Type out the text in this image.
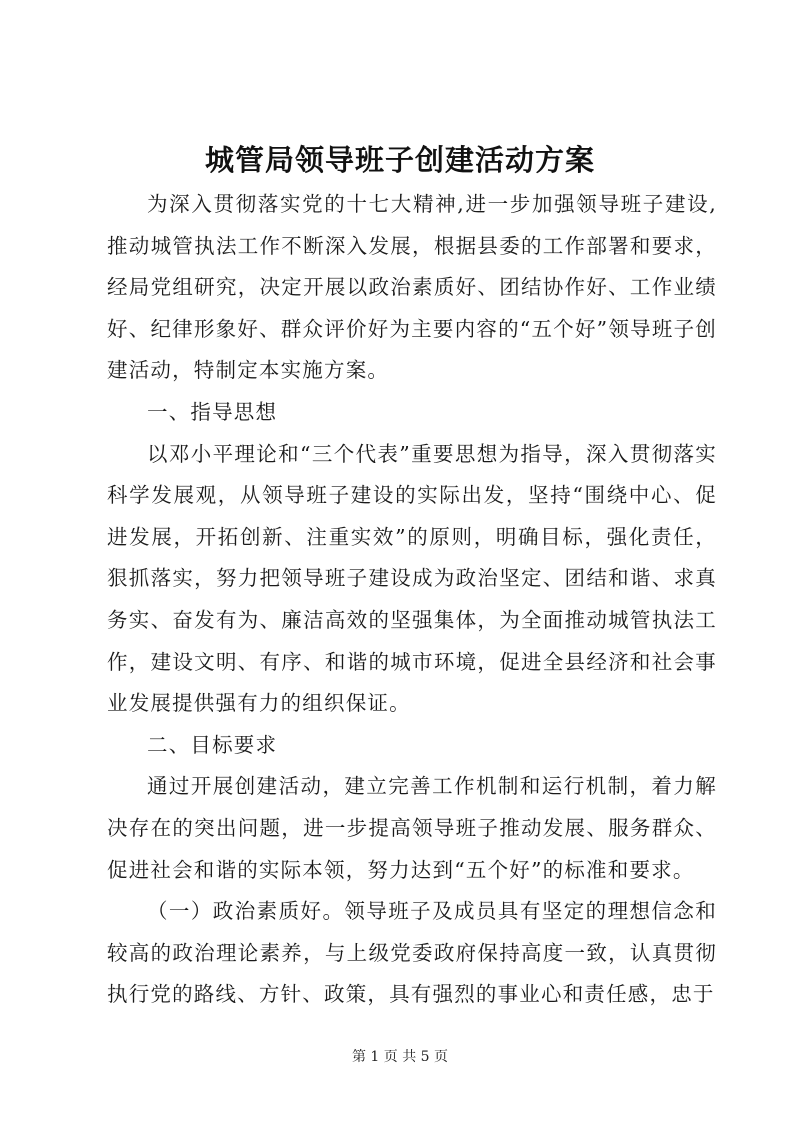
城管局领导班子创建活动方案

为深入贯彻落实党的十七大精神,进一步加强领导班子建设,推动城管执法工作不断深入发展，根据县委的工作部署和要求，经局党组研究，决定开展以政治素质好、团结协作好、工作业绩好、纪律形象好、群众评价好为主要内容的“五个好”领导班子创建活动，特制定本实施方案。

一、指导思想

以邓小平理论和“三个代表”重要思想为指导，深入贯彻落实科学发展观，从领导班子建设的实际出发，坚持“围绕中心、促进发展，开拓创新、注重实效”的原则，明确目标，强化责任，狠抓落实，努力把领导班子建设成为政治坚定、团结和谐、求真务实、奋发有为、廉洁高效的坚强集体，为全面推动城管执法工作，建设文明、有序、和谐的城市环境，促进全县经济和社会事业发展提供强有力的组织保证。

二、目标要求

通过开展创建活动，建立完善工作机制和运行机制，着力解决存在的突出问题，进一步提高领导班子推动发展、服务群众、促进社会和谐的实际本领，努力达到“五个好”的标准和要求。

（一）政治素质好。领导班子及成员具有坚定的理想信念和较高的政治理论素养，与上级党委政府保持高度一致，认真贯彻执行党的路线、方针、政策，具有强烈的事业心和责任感，忠于

第 1 页 共 5 页
